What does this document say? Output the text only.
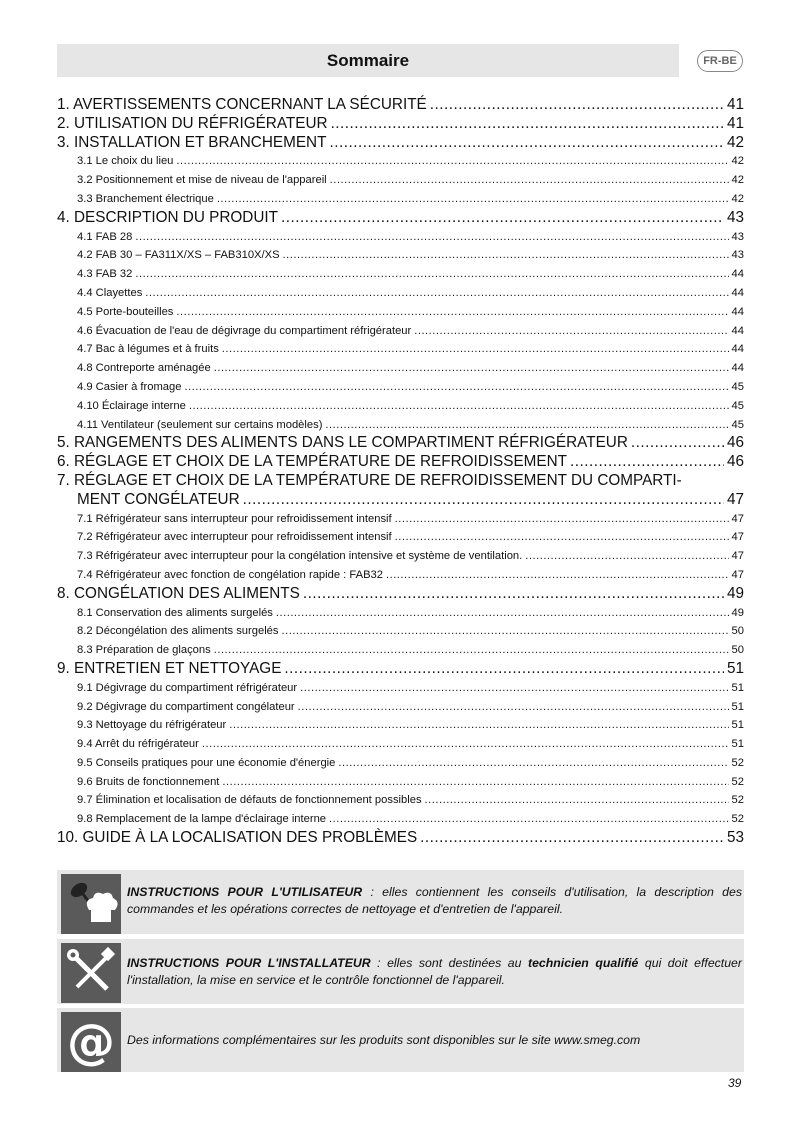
Sommaire	FR-BE
1. AVERTISSEMENTS CONCERNANT LA SÉCURITÉ .....	41
2. UTILISATION DU RÉFRIGÉRATEUR .....	41
3. INSTALLATION ET BRANCHEMENT .....	42
3.1 Le choix du lieu .....	42
3.2 Positionnement et mise de niveau de l'appareil .....	42
3.3 Branchement électrique .....	42
4. DESCRIPTION DU PRODUIT .....	43
4.1 FAB 28 .....	43
4.2 FAB 30 – FA311X/XS – FAB310X/XS .....	43
4.3 FAB 32 .....	44
4.4 Clayettes .....	44
4.5 Porte-bouteilles .....	44
4.6 Évacuation de l'eau de dégivrage du compartiment réfrigérateur .....	44
4.7 Bac à légumes et à fruits .....	44
4.8 Contreporte aménagée .....	44
4.9 Casier à fromage .....	45
4.10 Éclairage interne .....	45
4.11 Ventilateur (seulement sur certains modèles) .....	45
5. RANGEMENTS DES ALIMENTS DANS LE COMPARTIMENT RÉFRIGÉRATEUR .....	46
6. RÉGLAGE ET CHOIX DE LA TEMPÉRATURE DE REFROIDISSEMENT .....	46
7. RÉGLAGE ET CHOIX DE LA TEMPÉRATURE DE REFROIDISSEMENT DU COMPARTI-
MENT CONGÉLATEUR .....	47
7.1 Réfrigérateur sans interrupteur pour refroidissement intensif .....	47
7.2 Réfrigérateur avec interrupteur pour refroidissement intensif .....	47
7.3 Réfrigérateur avec interrupteur pour la congélation intensive et système de ventilation. .....	47
7.4 Réfrigérateur avec fonction de congélation rapide : FAB32 .....	47
8. CONGÉLATION DES ALIMENTS .....	49
8.1 Conservation des aliments surgelés .....	49
8.2 Décongélation des aliments surgelés .....	50
8.3 Préparation de glaçons .....	50
9. ENTRETIEN ET NETTOYAGE .....	51
9.1 Dégivrage du compartiment réfrigérateur .....	51
9.2 Dégivrage du compartiment congélateur .....	51
9.3 Nettoyage du réfrigérateur .....	51
9.4 Arrêt du réfrigérateur .....	51
9.5 Conseils pratiques pour une économie d'énergie .....	52
9.6 Bruits de fonctionnement .....	52
9.7 Élimination et localisation de défauts de fonctionnement possibles .....	52
9.8 Remplacement de la lampe d'éclairage interne .....	52
10. GUIDE À LA LOCALISATION DES PROBLÈMES .....	53
INSTRUCTIONS POUR L'UTILISATEUR : elles contiennent les conseils d'utilisation, la description des commandes et les opérations correctes de nettoyage et d'entretien de l'appareil.
INSTRUCTIONS POUR L'INSTALLATEUR : elles sont destinées au technicien qualifié qui doit effectuer l'installation, la mise en service et le contrôle fonctionnel de l'appareil.
@ Des informations complémentaires sur les produits sont disponibles sur le site www.smeg.com
39
